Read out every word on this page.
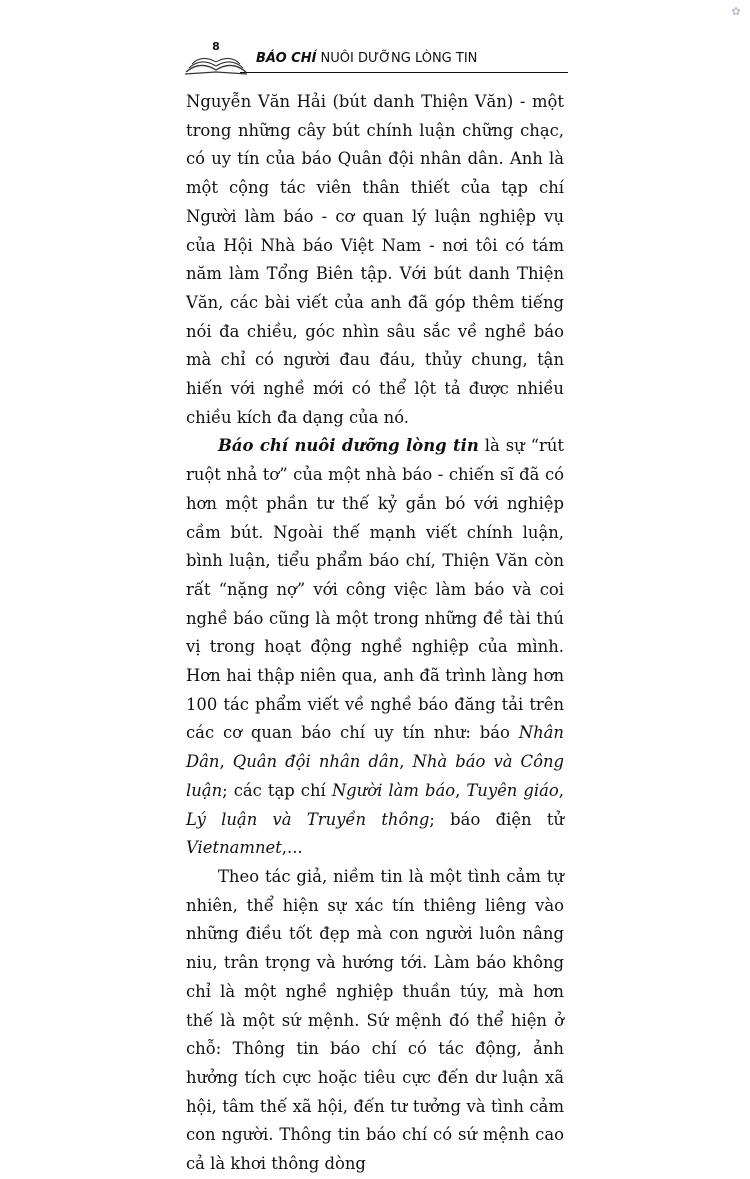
✿
8
BÁO CHÍ NUÔI DƯỠNG LÒNG TIN

Nguyễn Văn Hải (bút danh Thiện Văn) - một trong những cây bút chính luận chững chạc, có uy tín của báo Quân đội nhân dân. Anh là một cộng tác viên thân thiết của tạp chí Người làm báo - cơ quan lý luận nghiệp vụ của Hội Nhà báo Việt Nam - nơi tôi có tám năm làm Tổng Biên tập. Với bút danh Thiện Văn, các bài viết của anh đã góp thêm tiếng nói đa chiều, góc nhìn sâu sắc về nghề báo mà chỉ có người đau đáu, thủy chung, tận hiến với nghề mới có thể lột tả được nhiều chiều kích đa dạng của nó.

Báo chí nuôi dưỡng lòng tin là sự “rút ruột nhả tơ” của một nhà báo - chiến sĩ đã có hơn một phần tư thế kỷ gắn bó với nghiệp cầm bút. Ngoài thế mạnh viết chính luận, bình luận, tiểu phẩm báo chí, Thiện Văn còn rất “nặng nợ” với công việc làm báo và coi nghề báo cũng là một trong những đề tài thú vị trong hoạt động nghề nghiệp của mình. Hơn hai thập niên qua, anh đã trình làng hơn 100 tác phẩm viết về nghề báo đăng tải trên các cơ quan báo chí uy tín như: báo Nhân Dân, Quân đội nhân dân, Nhà báo và Công luận; các tạp chí Người làm báo, Tuyên giáo, Lý luận và Truyền thông; báo điện tử Vietnamnet,...

Theo tác giả, niềm tin là một tình cảm tự nhiên, thể hiện sự xác tín thiêng liêng vào những điều tốt đẹp mà con người luôn nâng niu, trân trọng và hướng tới. Làm báo không chỉ là một nghề nghiệp thuần túy, mà hơn thế là một sứ mệnh. Sứ mệnh đó thể hiện ở chỗ: Thông tin báo chí có tác động, ảnh hưởng tích cực hoặc tiêu cực đến dư luận xã hội, tâm thế xã hội, đến tư tưởng và tình cảm con người. Thông tin báo chí có sứ mệnh cao cả là khơi thông dòng
